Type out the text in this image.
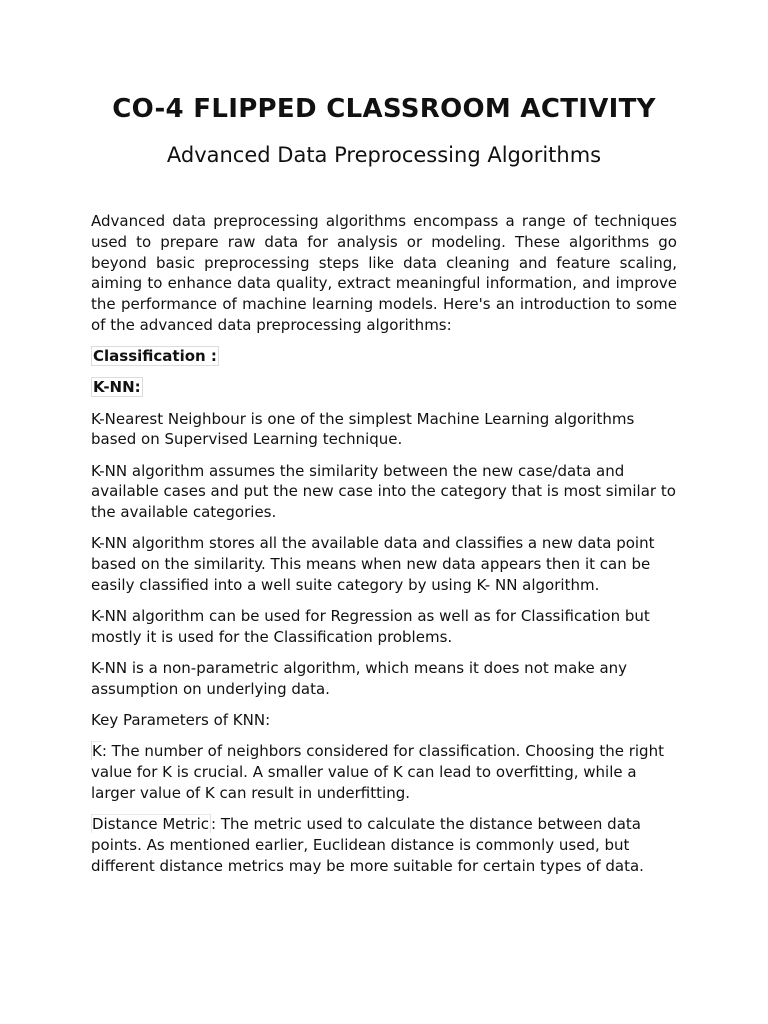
CO-4 FLIPPED CLASSROOM ACTIVITY
Advanced Data Preprocessing Algorithms

Advanced data preprocessing algorithms encompass a range of techniques used to prepare raw data for analysis or modeling. These algorithms go beyond basic preprocessing steps like data cleaning and feature scaling, aiming to enhance data quality, extract meaningful information, and improve the performance of machine learning models. Here's an introduction to some of the advanced data preprocessing algorithms:

Classification :

K-NN:

K-Nearest Neighbour is one of the simplest Machine Learning algorithms based on Supervised Learning technique.

K-NN algorithm assumes the similarity between the new case/data and available cases and put the new case into the category that is most similar to the available categories.

K-NN algorithm stores all the available data and classifies a new data point based on the similarity. This means when new data appears then it can be easily classified into a well suite category by using K- NN algorithm.

K-NN algorithm can be used for Regression as well as for Classification but mostly it is used for the Classification problems.

K-NN is a non-parametric algorithm, which means it does not make any assumption on underlying data.

Key Parameters of KNN:

K: The number of neighbors considered for classification. Choosing the right value for K is crucial. A smaller value of K can lead to overfitting, while a larger value of K can result in underfitting.

Distance Metric : The metric used to calculate the distance between data points. As mentioned earlier, Euclidean distance is commonly used, but different distance metrics may be more suitable for certain types of data.
